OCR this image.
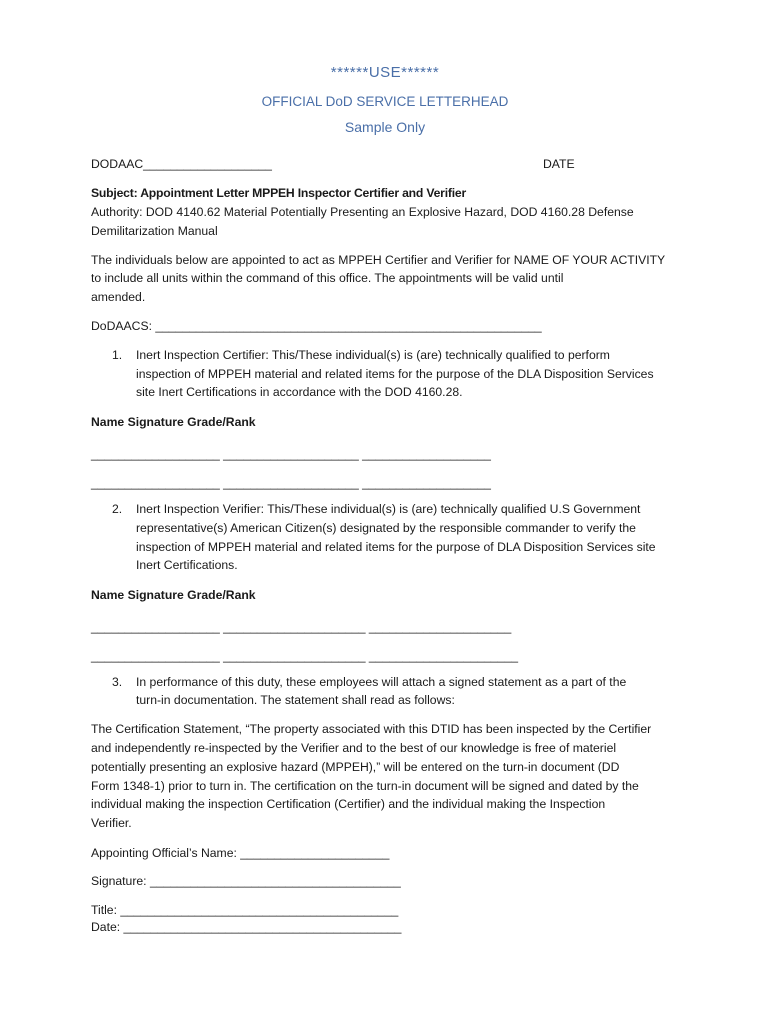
******USE******
OFFICIAL DoD SERVICE LETTERHEAD
Sample Only
DODAAC___________________	DATE
Subject: Appointment Letter MPPEH Inspector Certifier and Verifier
Authority: DOD 4140.62 Material Potentially Presenting an Explosive Hazard, DOD 4160.28 Defense
Demilitarization Manual
The individuals below are appointed to act as MPPEH Certifier and Verifier for NAME OF YOUR ACTIVITY
to include all units within the command of this office. The appointments will be valid until
amended.
DoDAACS: _________________________________________________________
1. Inert Inspection Certifier: This/These individual(s) is (are) technically qualified to perform
inspection of MPPEH material and related items for the purpose of the DLA Disposition Services
site Inert Certifications in accordance with the DOD 4160.28.
Name Signature Grade/Rank
___________________ ____________________ ___________________
___________________ ____________________ ___________________
2. Inert Inspection Verifier: This/These individual(s) is (are) technically qualified U.S Government
representative(s) American Citizen(s) designated by the responsible commander to verify the
inspection of MPPEH material and related items for the purpose of DLA Disposition Services site
Inert Certifications.
Name Signature Grade/Rank
___________________ _____________________ _____________________
___________________ _____________________ ______________________
3. In performance of this duty, these employees will attach a signed statement as a part of the
turn-in documentation. The statement shall read as follows:
The Certification Statement, “The property associated with this DTID has been inspected by the Certifier
and independently re-inspected by the Verifier and to the best of our knowledge is free of materiel
potentially presenting an explosive hazard (MPPEH),” will be entered on the turn-in document (DD
Form 1348-1) prior to turn in. The certification on the turn-in document will be signed and dated by the
individual making the inspection Certification (Certifier) and the individual making the Inspection
Verifier.
Appointing Official’s Name: ______________________
Signature: _____________________________________
Title: _________________________________________
Date: _________________________________________
